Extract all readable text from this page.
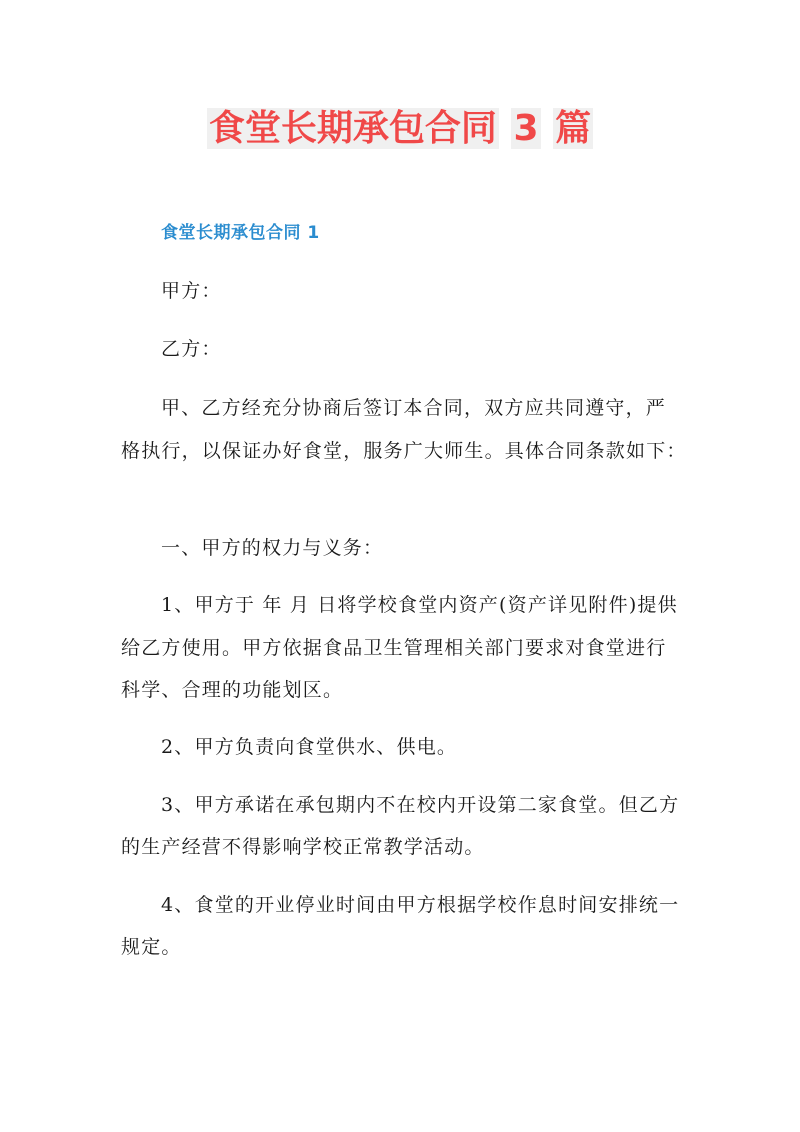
食堂长期承包合同 3 篇
食堂长期承包合同 1
甲方：
乙方：
甲、乙方经充分协商后签订本合同，双方应共同遵守，严
格执行，以保证办好食堂，服务广大师生。具体合同条款如下：
一、甲方的权力与义务：
1、甲方于 年 月 日将学校食堂内资产(资产详见附件)提供
给乙方使用。甲方依据食品卫生管理相关部门要求对食堂进行
科学、合理的功能划区。
2、甲方负责向食堂供水、供电。
3、甲方承诺在承包期内不在校内开设第二家食堂。但乙方
的生产经营不得影响学校正常教学活动。
4、食堂的开业停业时间由甲方根据学校作息时间安排统一
规定。
